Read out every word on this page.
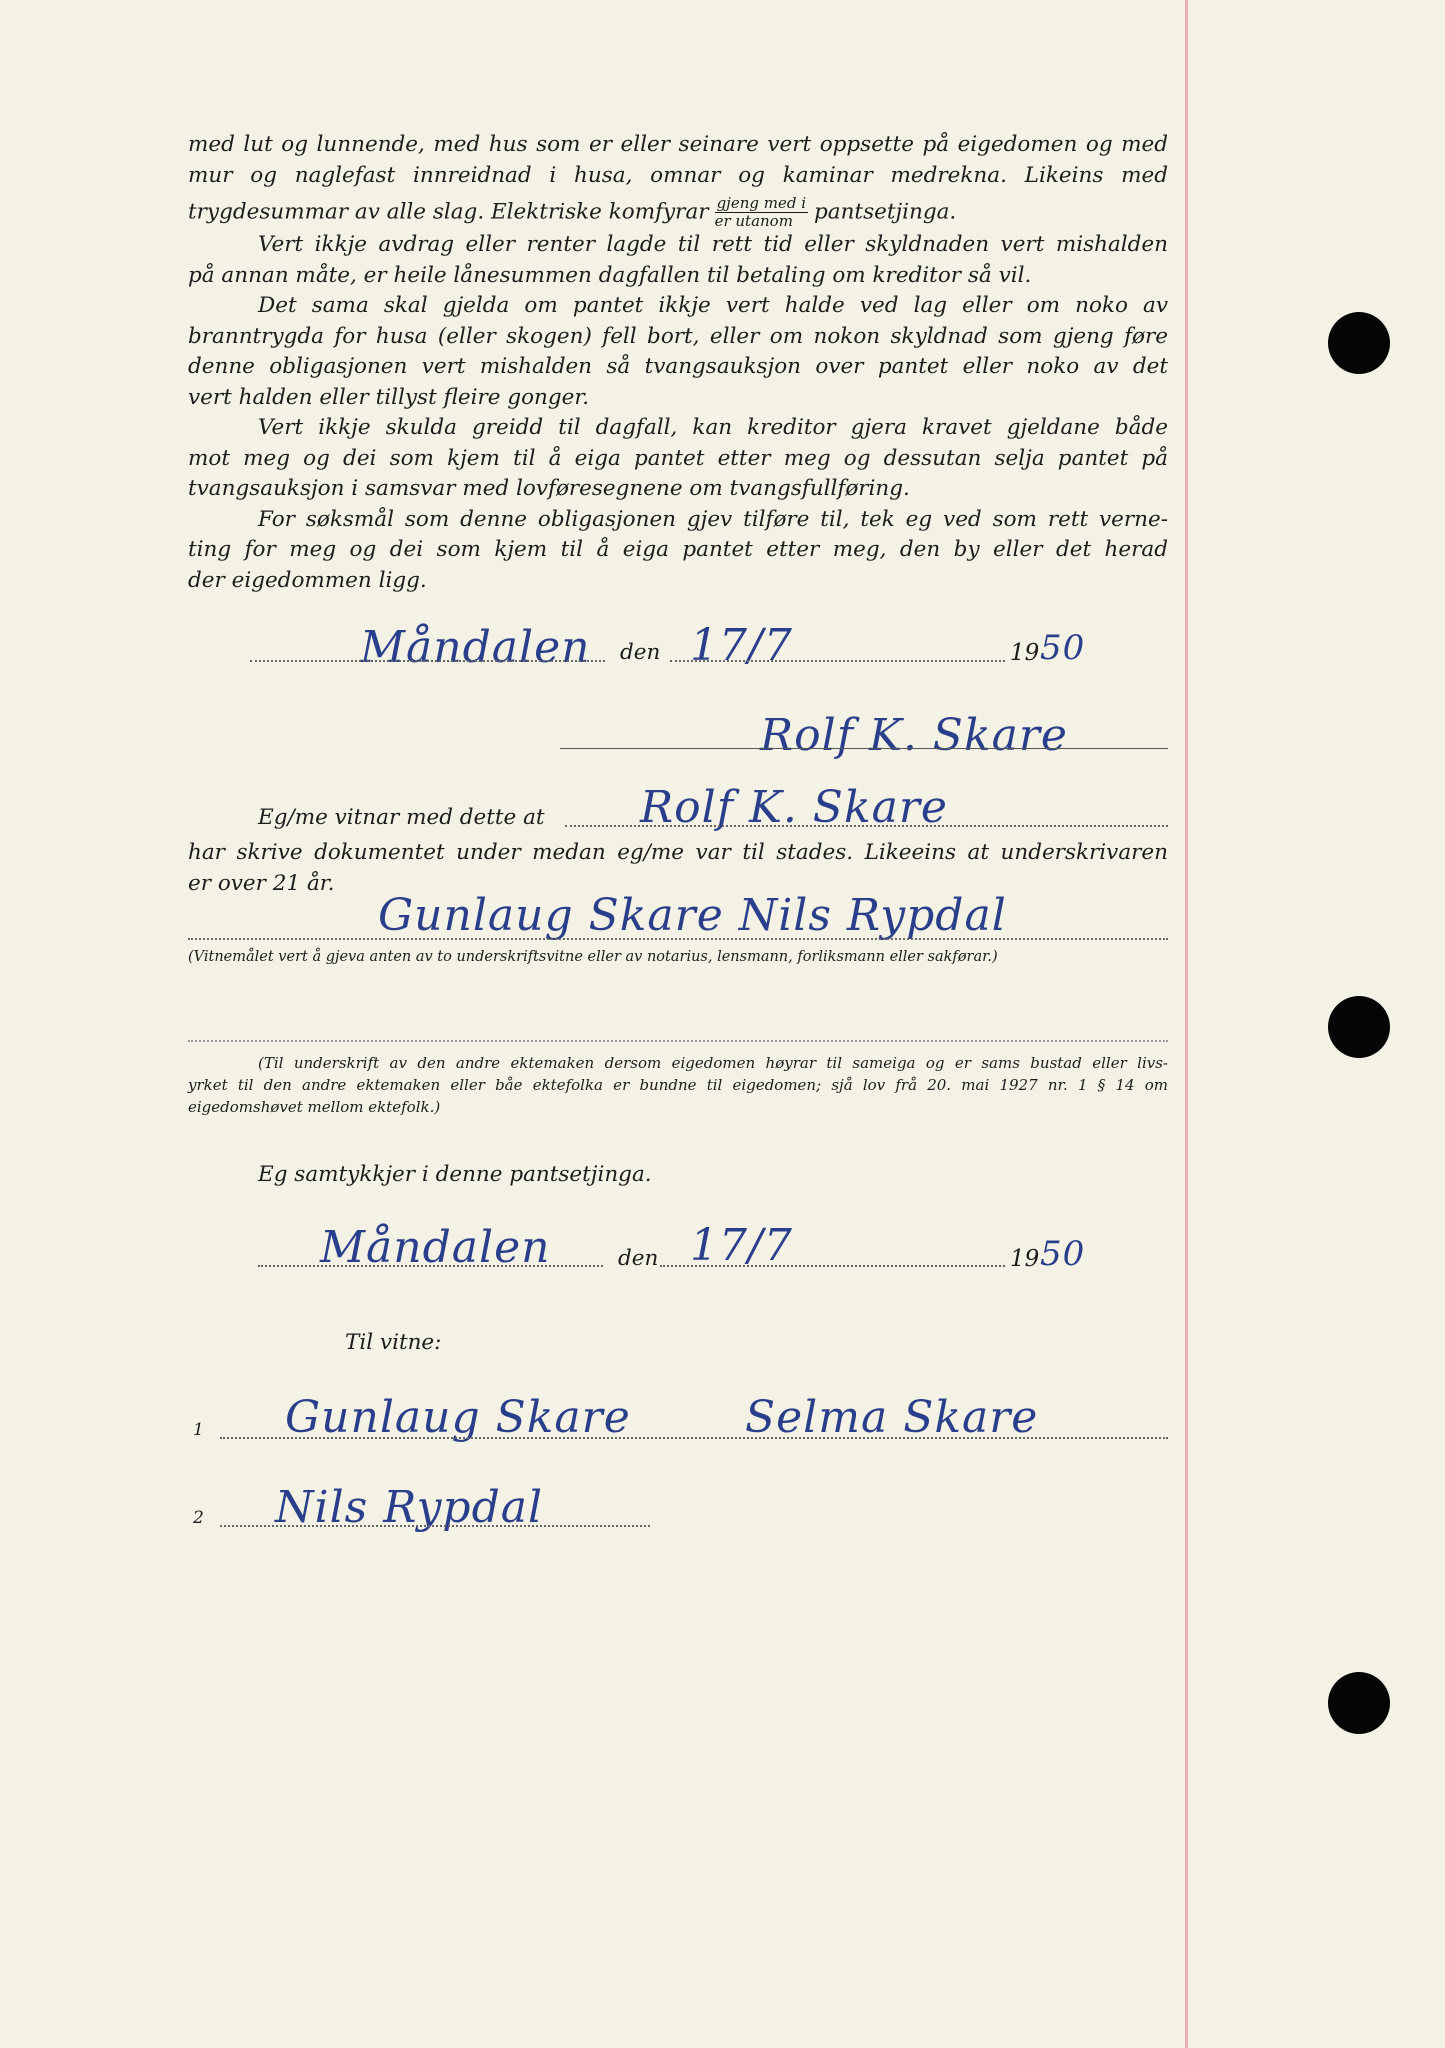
med lut og lunnende, med hus som er eller seinare vert oppsette på eigedomen og med

mur og naglefast innreidnad i husa, omnar og kaminar medrekna. Likeins med

trygdesummar av alle slag. Elektriske komfyrar $\frac{\text{gjeng med i}}{\text{er utanom}}$ pantsetjinga.

Vert ikkje avdrag eller renter lagde til rett tid eller skyldnaden vert mishalden

på annan måte, er heile lånesummen dagfallen til betaling om kreditor så vil.

Det sama skal gjelda om pantet ikkje vert halde ved lag eller om noko av

branntrygda for husa (eller skogen) fell bort, eller om nokon skyldnad som gjeng føre

denne obligasjonen vert mishalden så tvangsauksjon over pantet eller noko av det

vert halden eller tillyst fleire gonger.

Vert ikkje skulda greidd til dagfall, kan kreditor gjera kravet gjeldane både

mot meg og dei som kjem til å eiga pantet etter meg og dessutan selja pantet på

tvangsauksjon i samsvar med lovføresegnene om tvangsfullføring.

For søksmål som denne obligasjonen gjev tilføre til, tek eg ved som rett verne-

ting for meg og dei som kjem til å eiga pantet etter meg, den by eller det herad

der eigedommen ligg.

Måndalen den 17/7	19 50
Rolf K. Skare
Eg/me vitnar med dette at Rolf K. Skare

har skrive dokumentet under medan eg/me var til stades. Likeeins at underskrivaren

er over 21 år.

Gunlaug Skare Nils Rypdal

(Vitnemålet vert å gjeva anten av to underskriftsvitne eller av notarius, lensmann, forliksmann eller sakførar.)

(Til underskrift av den andre ektemaken dersom eigedomen høyrar til sameiga og er sams bustad eller livs-

yrket til den andre ektemaken eller båe ektefolka er bundne til eigedomen; sjå lov frå 20. mai 1927 nr. 1 § 14 om

eigedomshøvet mellom ektefolk.)

Eg samtykkjer i denne pantsetjinga.
Måndalen	den 17/7	19 50
Til vitne:
1 Gunlaug Skare	Selma Skare
2 Nils Rypdal
